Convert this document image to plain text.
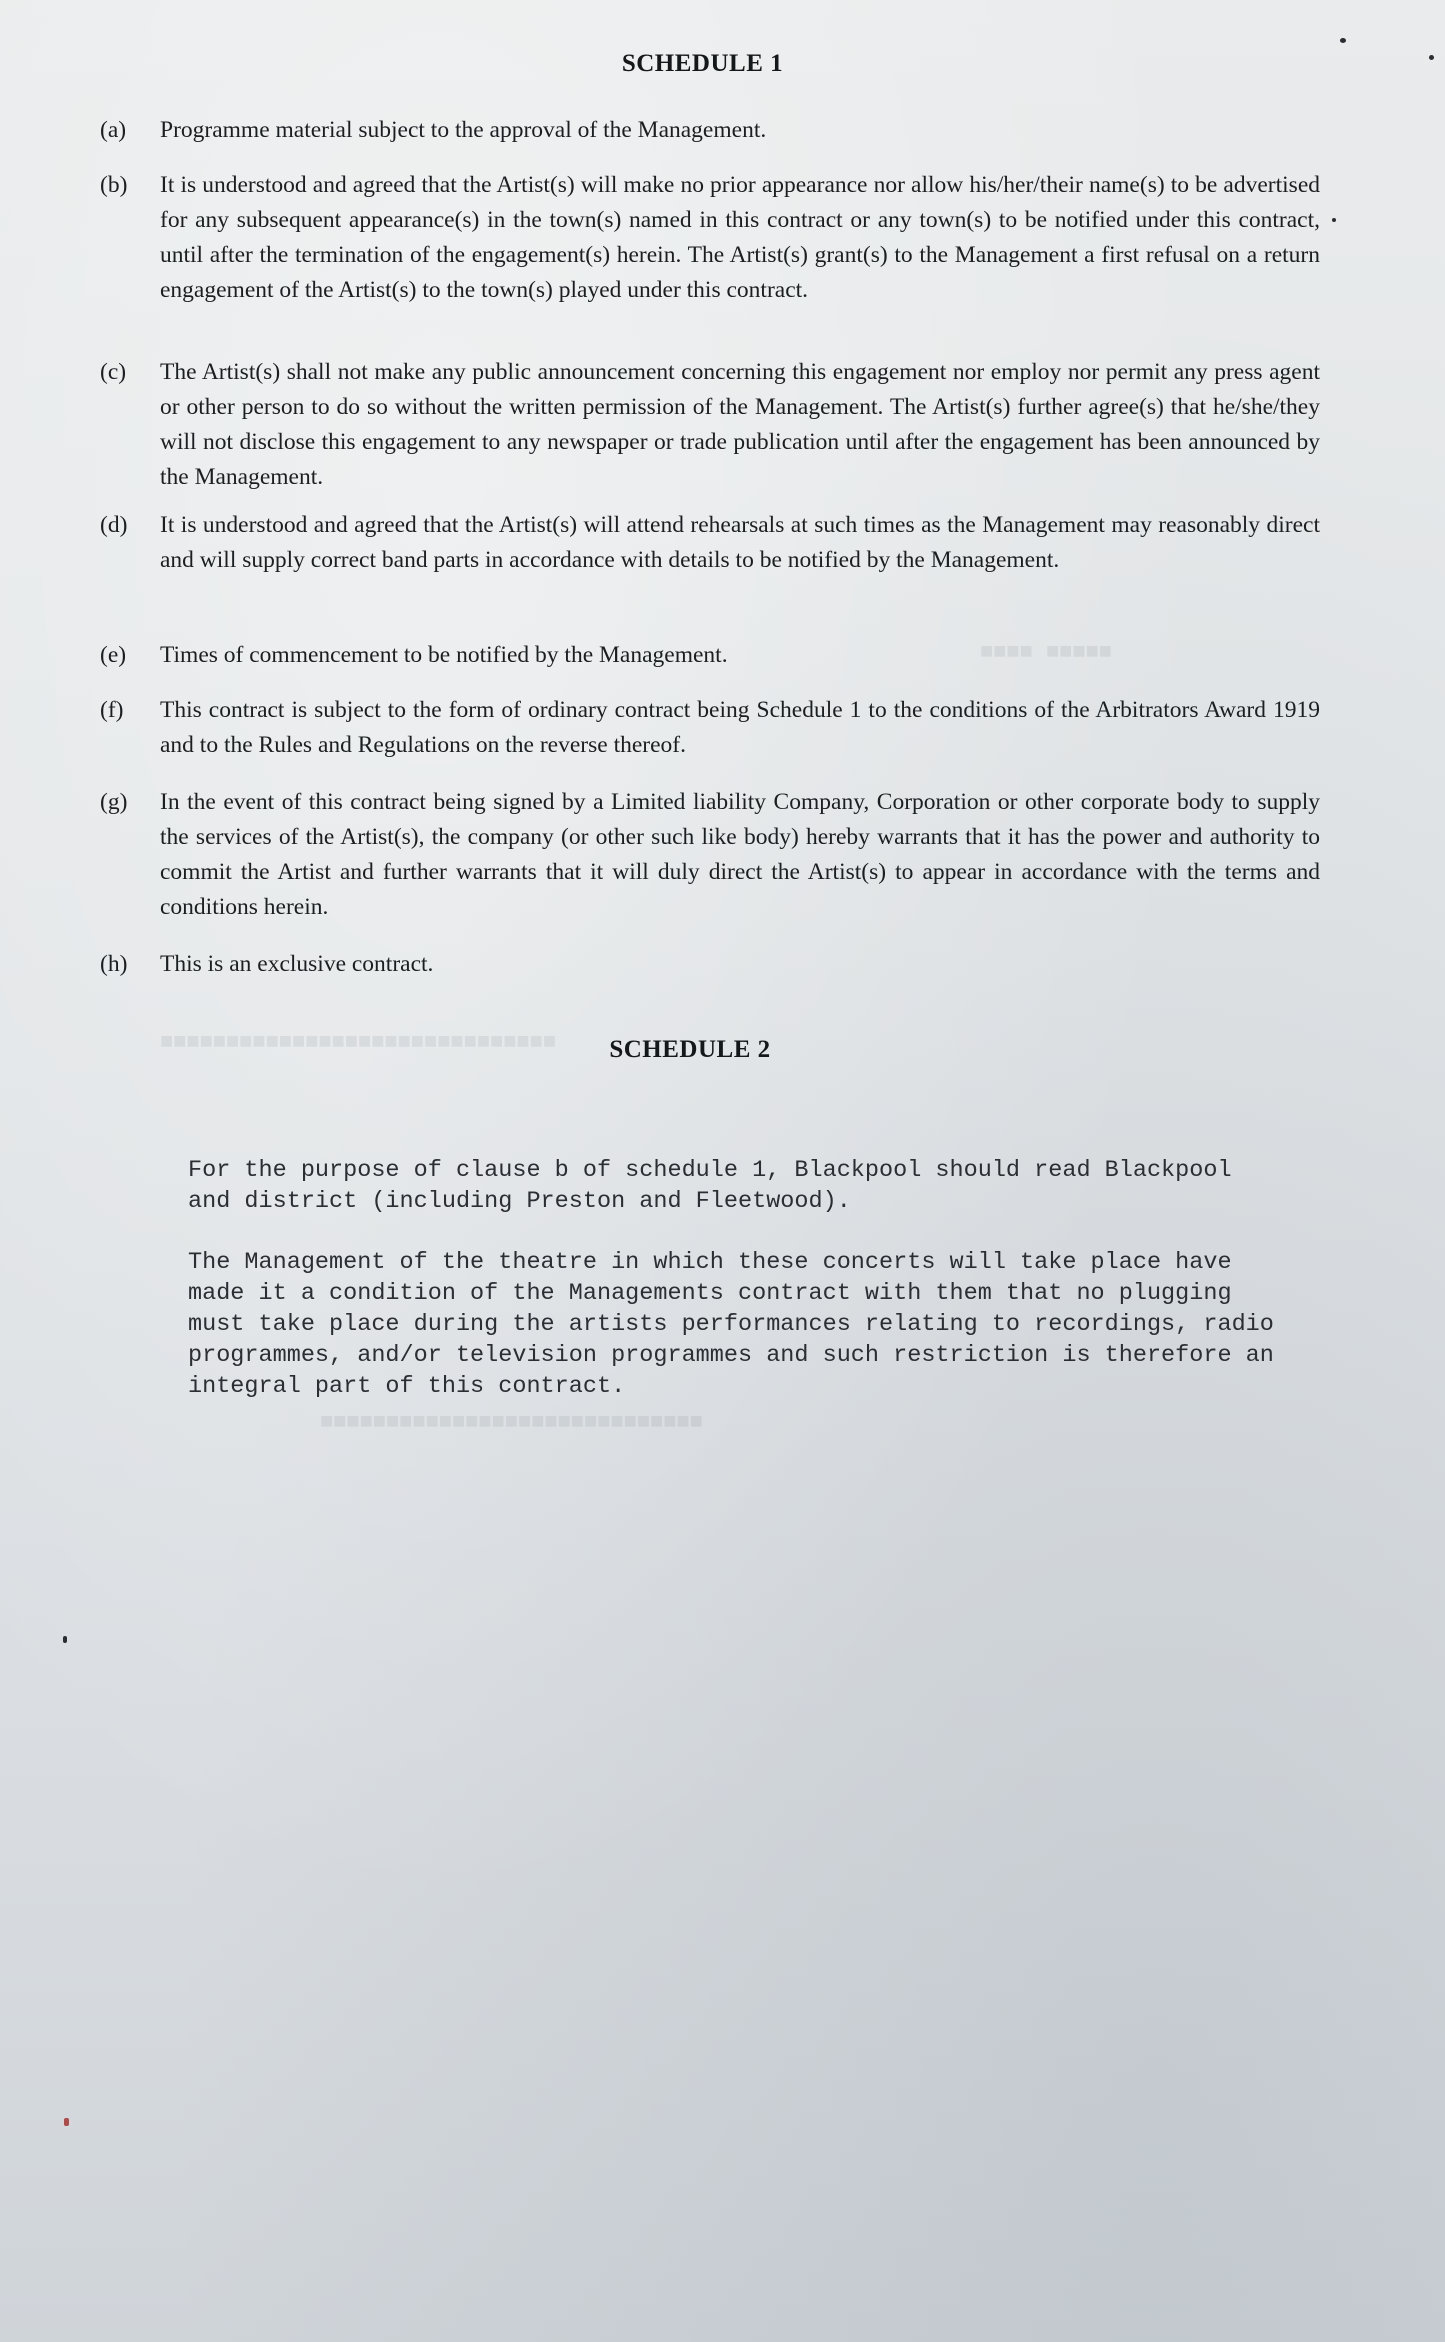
■■■■■ ■■■■
■■■■■■■■■■■■■■■■■■■■■■■■■■■■■■
■■■■■■■■■■■■■■■■■■■■■■■■■■■■■
SCHEDULE 1
(a)	Programme material subject to the approval of the Management.
(b)	It is understood and agreed that the Artist(s) will make no prior appearance nor allow his/her/their name(s) to be advertised for any subsequent appearance(s) in the town(s) named in this contract or any town(s) to be notified under this contract, until after the termination of the engagement(s) herein. The Artist(s) grant(s) to the Management a first refusal on a return engagement of the Artist(s) to the town(s) played under this contract.
(c)	The Artist(s) shall not make any public announcement concerning this engagement nor employ nor permit any press agent or other person to do so without the written permission of the Management. The Artist(s) further agree(s) that he/she/they will not disclose this engagement to any newspaper or trade publication until after the engagement has been announced by the Management.
(d)	It is understood and agreed that the Artist(s) will attend rehearsals at such times as the Management may reasonably direct and will supply correct band parts in accordance with details to be notified by the Management.
(e)	Times of commencement to be notified by the Management.
(f)	This contract is subject to the form of ordinary contract being Schedule 1 to the conditions of the Arbitrators Award 1919 and to the Rules and Regulations on the reverse thereof.
(g)	In the event of this contract being signed by a Limited liability Company, Corporation or other corporate body to supply the services of the Artist(s), the company (or other such like body) hereby warrants that it has the power and authority to commit the Artist and further warrants that it will duly direct the Artist(s) to appear in accordance with the terms and conditions herein.
(h)	This is an exclusive contract.
SCHEDULE 2
For the purpose of clause b of schedule 1, Blackpool should read Blackpool
and district (including Preston and Fleetwood).
The Management of the theatre in which these concerts will take place have
made it a condition of the Managements contract with them that no plugging
must take place during the artists performances relating to recordings, radio
programmes, and/or television programmes and such restriction is therefore an
integral part of this contract.
